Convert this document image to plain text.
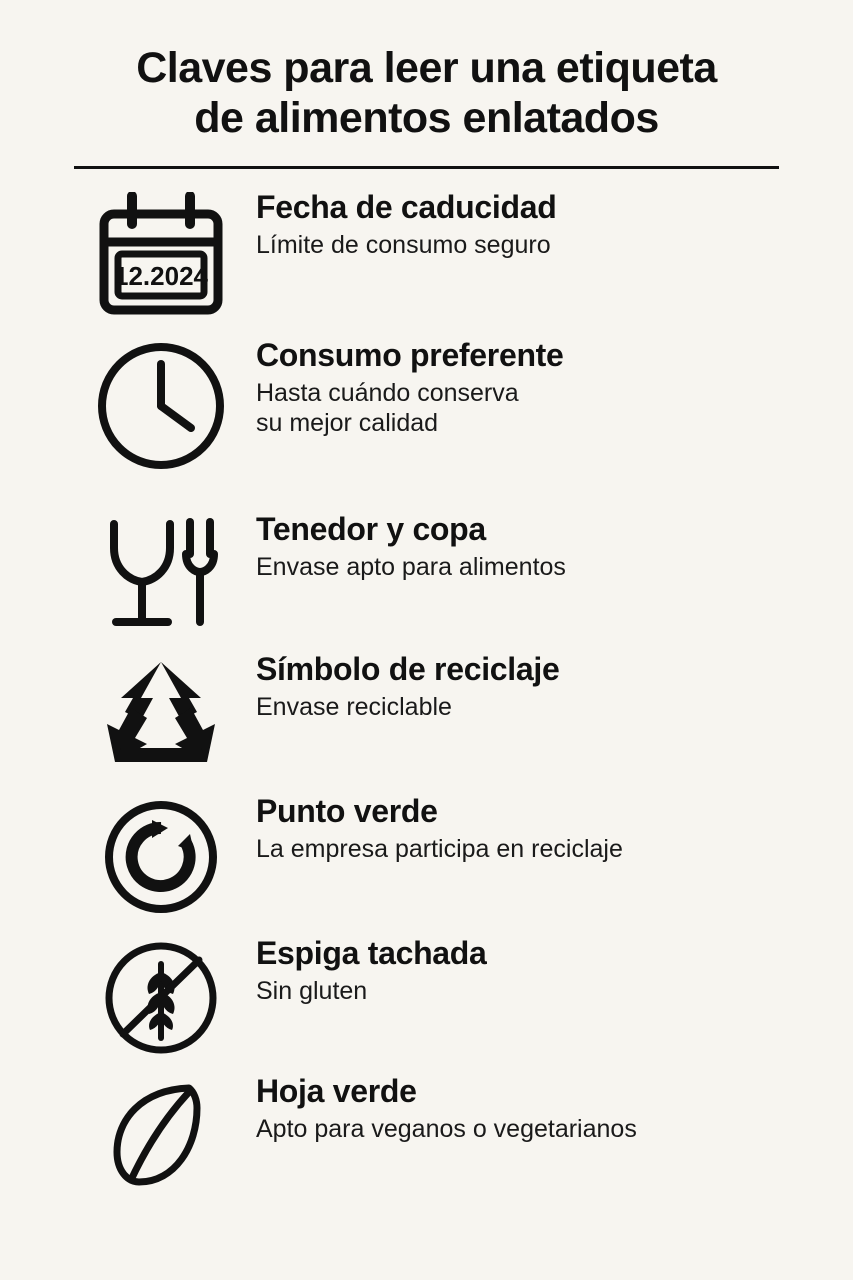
Claves para leer una etiqueta
de alimentos enlatados
12.2024

Fecha de caducidad

Límite de consumo seguro

Consumo preferente

Hasta cuándo conserva
su mejor calidad

Tenedor y copa

Envase apto para alimentos

Símbolo de reciclaje

Envase reciclable

Punto verde

La empresa participa en reciclaje

Espiga tachada

Sin gluten

Hoja verde

Apto para veganos o vegetarianos
